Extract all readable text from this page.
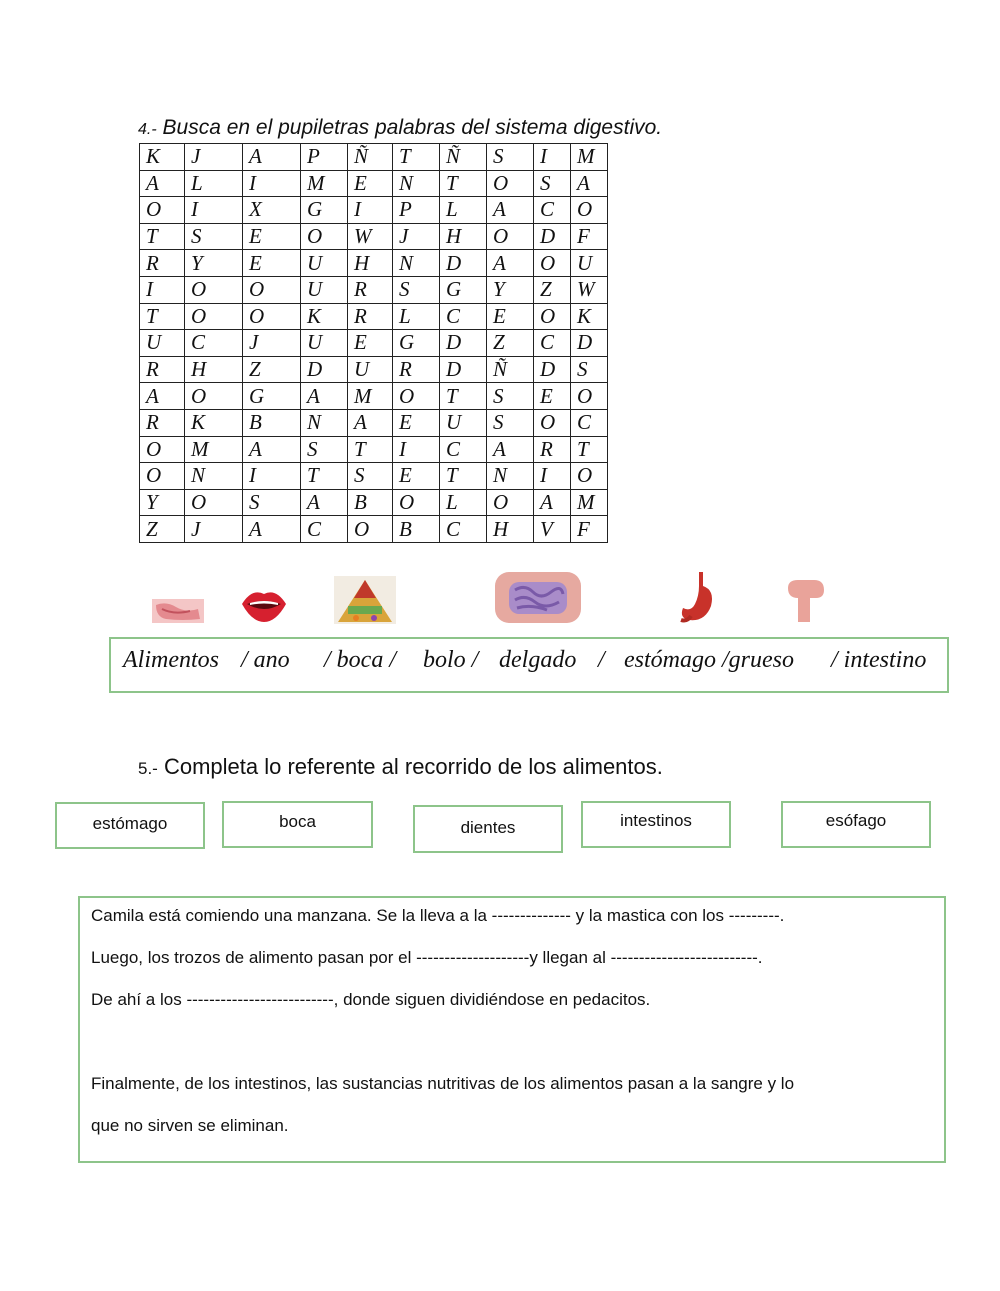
4.- Busca en el pupiletras palabras del sistema digestivo.
K	J	A	P	Ñ	T	Ñ	S	I	M
A	L	I	M	E	N	T	O	S	A
O	I	X	G	I	P	L	A	C	O
T	S	E	O	W	J	H	O	D	F
R	Y	E	U	H	N	D	A	O	U
I	O	O	U	R	S	G	Y	Z	W
T	O	O	K	R	L	C	E	O	K
U	C	J	U	E	G	D	Z	C	D
R	H	Z	D	U	R	D	Ñ	D	S
A	O	G	A	M	O	T	S	E	O
R	K	B	N	A	E	U	S	O	C
O	M	A	S	T	I	C	A	R	T
O	N	I	T	S	E	T	N	I	O
Y	O	S	A	B	O	L	O	A	M
Z	J	A	C	O	B	C	H	V	F
Alimentos / ano / boca / bolo / delgado / estómago /grueso / intestino
5.- Completa lo referente al recorrido de los alimentos.
estómago	boca	dientes	intestinos	esófago
Camila está comiendo una manzana. Se la lleva a la -------------- y la mastica con los ---------.
Luego, los trozos de alimento pasan por el --------------------y llegan al --------------------------.
De ahí a los --------------------------, donde siguen dividiéndose en pedacitos.
Finalmente, de los intestinos, las sustancias nutritivas de los alimentos pasan a la sangre y lo
que no sirven se eliminan.
